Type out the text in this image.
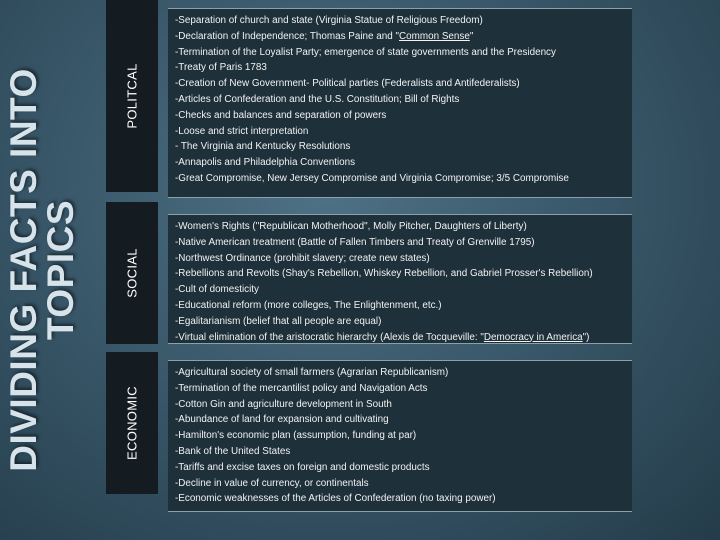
DIVIDING FACTS INTO
TOPICS
POLITCAL
-Separation of church and state (Virginia Statue of Religious Freedom)
-Declaration of Independence; Thomas Paine and "Common Sense"
-Termination of the Loyalist Party; emergence of state governments and the Presidency
-Treaty of Paris 1783
-Creation of New Government- Political parties (Federalists and Antifederalists)
-Articles of Confederation and the U.S. Constitution; Bill of Rights
-Checks and balances and separation of powers
-Loose and strict interpretation
- The Virginia and Kentucky Resolutions
-Annapolis and Philadelphia Conventions
-Great Compromise, New Jersey Compromise and Virginia Compromise; 3/5 Compromise
SOCIAL
-Women's Rights ("Republican Motherhood", Molly Pitcher, Daughters of Liberty)
-Native American treatment (Battle of Fallen Timbers and Treaty of Grenville 1795)
-Northwest Ordinance (prohibit slavery; create new states)
-Rebellions and Revolts (Shay's Rebellion, Whiskey Rebellion, and Gabriel Prosser's Rebellion)
-Cult of domesticity
-Educational reform (more colleges, The Enlightenment, etc.)
-Egalitarianism (belief that all people are equal)
-Virtual elimination of the aristocratic hierarchy (Alexis de Tocqueville: "Democracy in America")
ECONOMIC
-Agricultural society of small farmers (Agrarian Republicanism)
-Termination of the mercantilist policy and Navigation Acts
-Cotton Gin and agriculture development in South
-Abundance of land for expansion and cultivating
-Hamilton's economic plan (assumption, funding at par)
-Bank of the United States
-Tariffs and excise taxes on foreign and domestic products
-Decline in value of currency, or continentals
-Economic weaknesses of the Articles of Confederation (no taxing power)
